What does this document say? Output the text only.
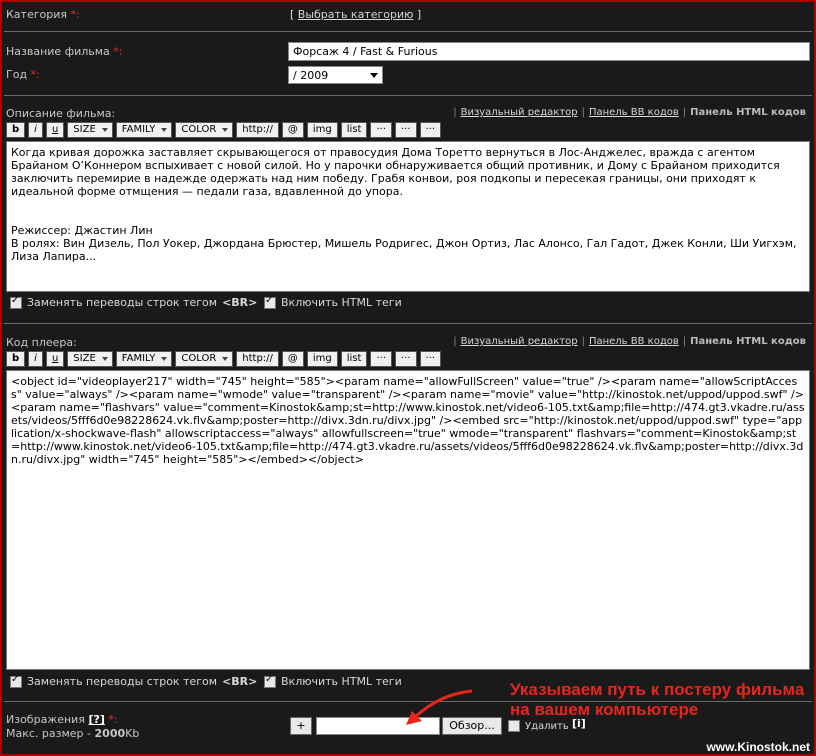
Категория *:	[ Выбрать категорию ]
Название фильма *:	Форсаж 4 / Fast & Furious
Год *:	/ 2009
Описание фильма:	| Визуальный редактор | Панель BB кодов | Панель HTML кодов
b	i	u	SIZE	FAMILY	COLOR	http://	@	img	list	···	···	···
Когда кривая дорожка заставляет скрывающегося от правосудия Дома Торетто вернуться в Лос-Анджелес, вражда с агентом Брайаном О’Коннером вспыхивает с новой силой. Но у парочки обнаруживается общий противник, и Дому с Брайаном приходится заключить перемирие в надежде одержать над ним победу. Грабя конвои, роя подкопы и пересекая границы, они приходят к идеальной форме отмщения — педали газа, вдавленной до упора.
Режиссер: Джастин Лин
В ролях: Вин Дизель, Пол Уокер, Джордана Брюстер, Мишель Родригес, Джон Ортиз, Лас Алонсо, Гал Гадот, Джек Конли, Ши Уигхэм, Лиза Лапира...
✓
Заменять переводы строк тегом <BR> ✓ Включить HTML теги
Код плеера:	| Визуальный редактор | Панель BB кодов | Панель HTML кодов
b	i	u	SIZE	FAMILY	COLOR	http://	@	img	list	···	···	···
<object id="videoplayer217" width="745" height="585"><param name="allowFullScreen" value="true" /><param name="allowScriptAccess" value="always" /><param name="wmode" value="transparent" /><param name="movie" value="http://kinostok.net/uppod/uppod.swf" /><param name="flashvars" value="comment=Kinostok&amp;st=http://www.kinostok.net/video6-105.txt&amp;file=http://474.gt3.vkadre.ru/assets/videos/5fff6d0e98228624.vk.flv&amp;poster=http://divx.3dn.ru/divx.jpg" /><embed src="http://kinostok.net/uppod/uppod.swf" type="application/x-shockwave-flash" allowscriptaccess="always" allowfullscreen="true" wmode="transparent" flashvars="comment=Kinostok&amp;st=http://www.kinostok.net/video6-105.txt&amp;file=http://474.gt3.vkadre.ru/assets/videos/5fff6d0e98228624.vk.flv&amp;poster=http://divx.3dn.ru/divx.jpg" width="745" height="585"></embed></object>
✓
Заменять переводы строк тегом <BR> ✓ Включить HTML теги
Изображения [?] *:
Макс. размер - 2000Kb
+	Обзор...	Удалить [i]
Указываем путь к постеру фильма на вашем компьютере
www.Kinostok.net
